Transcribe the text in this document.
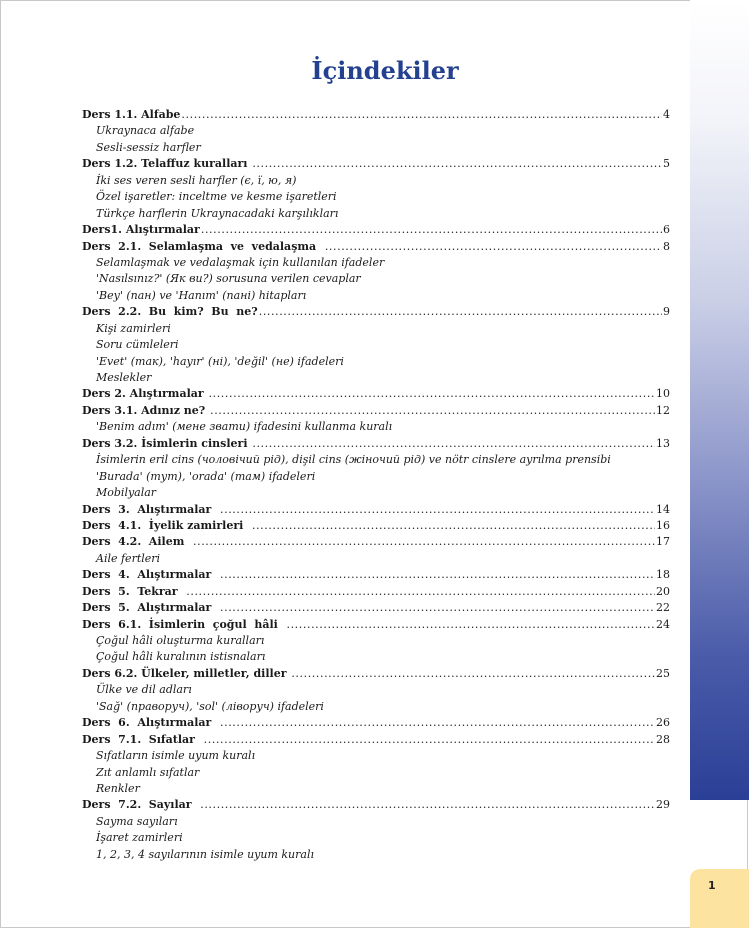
1
İçindekiler
Ders 1.1. Alfabe .....	4
Ukraynaca alfabe
Sesli-sessiz harfler
Ders 1.2. Telaffuz kuralları .....	5
İki ses veren sesli harfler (є, ї, ю, я)
Özel işaretler: inceltme ve kesme işaretleri
Türkçe harflerin Ukraynacadaki karşılıkları
Ders1. Alıştırmalar .....	6
Ders  2.1.  Selamlaşma  ve  vedalaşma .....	8
Selamlaşmak ve vedalaşmak için kullanılan ifadeler
'Nasılsınız?' (Як ви?) sorusuna verilen cevaplar
'Bey' (пан) ve 'Hanım' (пані) hitapları
Ders  2.2.  Bu  kim?  Bu  ne? .....	9
Kişi zamirleri
Soru cümleleri
'Evet' (так), 'hayır' (ні), 'değil' (не) ifadeleri
Meslekler
Ders 2. Alıştırmalar .....	10
Ders 3.1. Adınız ne? .....	12
'Benim adım' (мене звати) ifadesini kullanma kuralı
Ders 3.2. İsimlerin cinsleri .....	13
İsimlerin eril cins (чоловічий рід), dişil cins (жіночий рід) ve nötr cinslere ayrılma prensibi
'Burada' (тут), 'orada' (там) ifadeleri
Mobilyalar
Ders  3.  Alıştırmalar .....	14
Ders  4.1.  İyelik zamirleri .....	16
Ders  4.2.  Ailem .....	17
Aile fertleri
Ders  4.  Alıştırmalar .....	18
Ders  5.  Tekrar .....	20
Ders  5.  Alıştırmalar .....	22
Ders  6.1.  İsimlerin  çoğul  hâli .....	24
Çoğul hâli oluşturma kuralları
Çoğul hâli kuralının istisnaları
Ders 6.2. Ülkeler, milletler, diller .....	25
Ülke ve dil adları
'Sağ' (праворуч), 'sol' (ліворуч) ifadeleri
Ders  6.  Alıştırmalar .....	26
Ders  7.1.  Sıfatlar .....	28
Sıfatların isimle uyum kuralı
Zıt anlamlı sıfatlar
Renkler
Ders  7.2.  Sayılar .....	29
Sayma sayıları
İşaret zamirleri
1, 2, 3, 4 sayılarının isimle uyum kuralı
